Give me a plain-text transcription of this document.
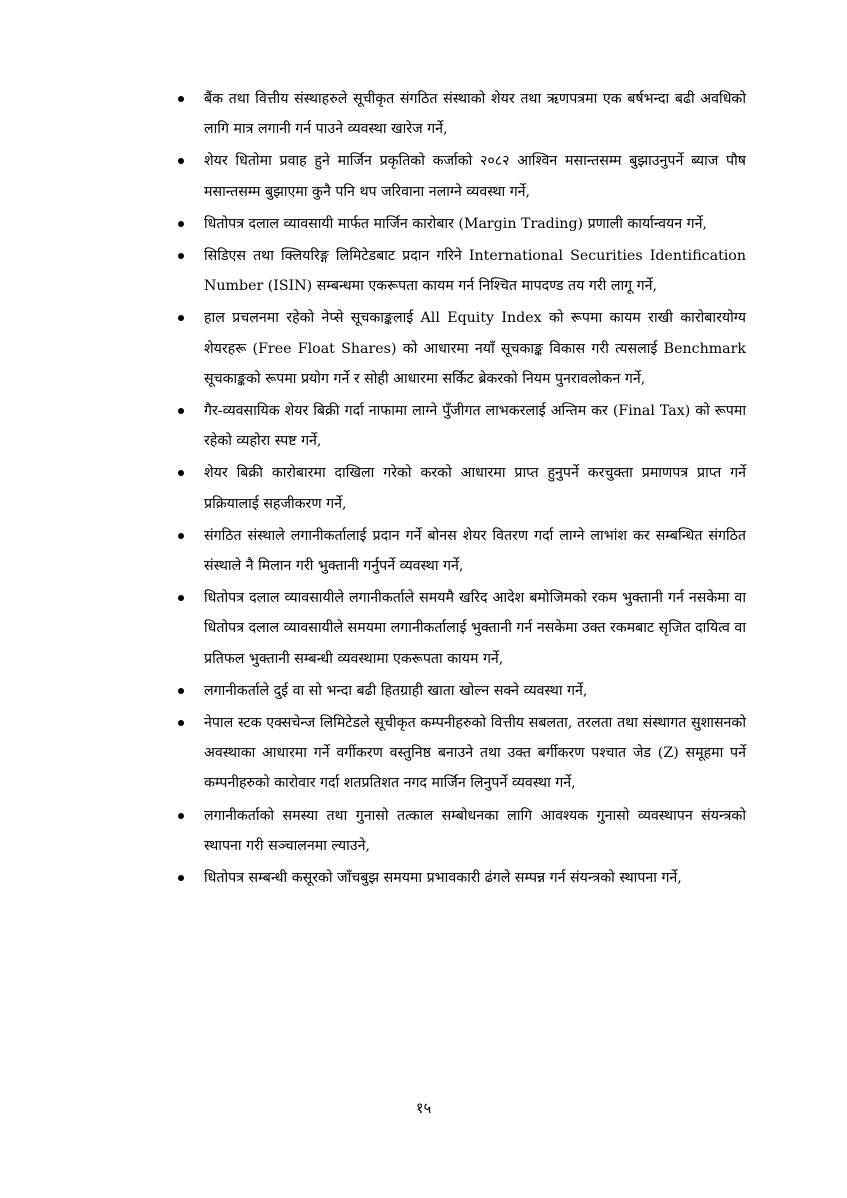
बैंक तथा वित्तीय संस्थाहरुले सूचीकृत संगठित संस्थाको शेयर तथा ऋणपत्रमा एक बर्षभन्दा बढी अवधिको लागि मात्र लगानी गर्न पाउने व्यवस्था खारेज गर्ने,
शेयर धितोमा प्रवाह हुने मार्जिन प्रकृतिको कर्जाको २०८२ आश्विन मसान्तसम्म बुझाउनुपर्ने ब्याज पौष मसान्तसम्म बुझाएमा कुनै पनि थप जरिवाना नलाग्ने व्यवस्था गर्ने,
धितोपत्र दलाल व्यावसायी मार्फत मार्जिन कारोबार (Margin Trading) प्रणाली कार्यान्वयन गर्ने,
सिडिएस तथा क्लियरिङ्ग लिमिटेडबाट प्रदान गरिने International Securities Identification Number (ISIN) सम्बन्धमा एकरूपता कायम गर्न निश्चित मापदण्ड तय गरी लागू गर्ने,
हाल प्रचलनमा रहेको नेप्से सूचकाङ्कलाई All Equity Index को रूपमा कायम राखी कारोबारयोग्य शेयरहरू (Free Float Shares) को आधारमा नयाँ सूचकाङ्क विकास गरी त्यसलाई Benchmark सूचकाङ्कको रूपमा प्रयोग गर्ने र सोही आधारमा सर्किट ब्रेकरको नियम पुनरावलोकन गर्ने,
गैर-व्यवसायिक शेयर बिक्री गर्दा नाफामा लाग्ने पुँजीगत लाभकरलाई अन्तिम कर (Final Tax) को रूपमा रहेको व्यहोरा स्पष्ट गर्ने,
शेयर बिक्री कारोबारमा दाखिला गरेको करको आधारमा प्राप्त हुनुपर्ने करचुक्ता प्रमाणपत्र प्राप्त गर्ने प्रक्रियालाई सहजीकरण गर्ने,
संगठित संस्थाले लगानीकर्तालाई प्रदान गर्ने बोनस शेयर वितरण गर्दा लाग्ने लाभांश कर सम्बन्धित संगठित संस्थाले नै मिलान गरी भुक्तानी गर्नुपर्ने व्यवस्था गर्ने,
धितोपत्र दलाल व्यावसायीले लगानीकर्ताले समयमै खरिद आदेश बमोजिमको रकम भुक्तानी गर्न नसकेमा वा धितोपत्र दलाल व्यावसायीले समयमा लगानीकर्तालाई भुक्तानी गर्न नसकेमा उक्त रकमबाट सृजित दायित्व वा प्रतिफल भुक्तानी सम्बन्धी व्यवस्थामा एकरूपता कायम गर्ने,
लगानीकर्ताले दुई वा सो भन्दा बढी हितग्राही खाता खोल्न सक्ने व्यवस्था गर्ने,
नेपाल स्टक एक्सचेन्ज लिमिटेडले सूचीकृत कम्पनीहरुको वित्तीय सबलता, तरलता तथा संस्थागत सुशासनको अवस्थाका आधारमा गर्ने वर्गीकरण वस्तुनिष्ठ बनाउने तथा उक्त बर्गीकरण पश्चात जेड (Z) समूहमा पर्ने कम्पनीहरुको कारोवार गर्दा शतप्रतिशत नगद मार्जिन लिनुपर्ने व्यवस्था गर्ने,
लगानीकर्ताको समस्या तथा गुनासो तत्काल सम्बोधनका लागि आवश्यक गुनासो व्यवस्थापन संयन्त्रको स्थापना गरी सञ्चालनमा ल्याउने,
धितोपत्र सम्बन्धी कसूरको जाँचबुझ समयमा प्रभावकारी ढंगले सम्पन्न गर्न संयन्त्रको स्थापना गर्ने,
१५
